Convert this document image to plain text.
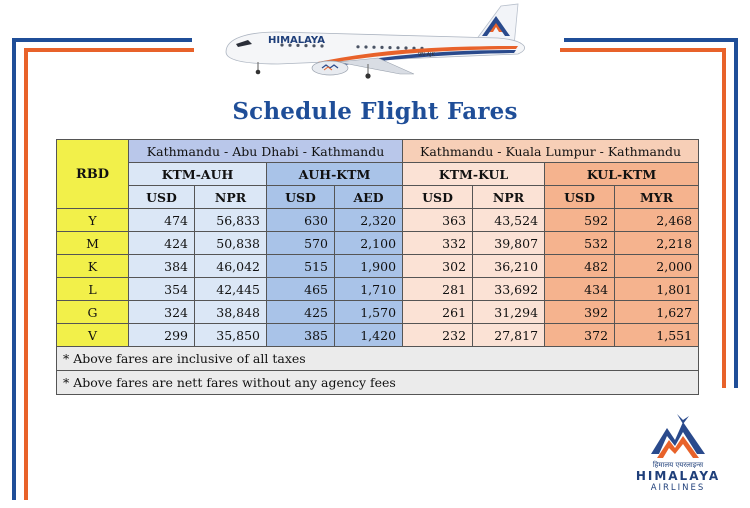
HIMALAYA
9N-AJK
Schedule Flight Fares
RBD	Kathmandu - Abu Dhabi - Kathmandu				Kathmandu - Kuala Lumpur - Kathmandu			
	KTM-AUH		AUH-KTM		KTM-KUL		KUL-KTM	
	USD	NPR	USD	AED	USD	NPR	USD	MYR
Y	474	56,833	630	2,320	363	43,524	592	2,468
M	424	50,838	570	2,100	332	39,807	532	2,218
K	384	46,042	515	1,900	302	36,210	482	2,000
L	354	42,445	465	1,710	281	33,692	434	1,801
G	324	38,848	425	1,570	261	31,294	392	1,627
V	299	35,850	385	1,420	232	27,817	372	1,551
* Above fares are inclusive of all taxes								
* Above fares are nett fares without any agency fees								
हिमालय एयरलाइन्स
HIMALAYA
AIRLINES
